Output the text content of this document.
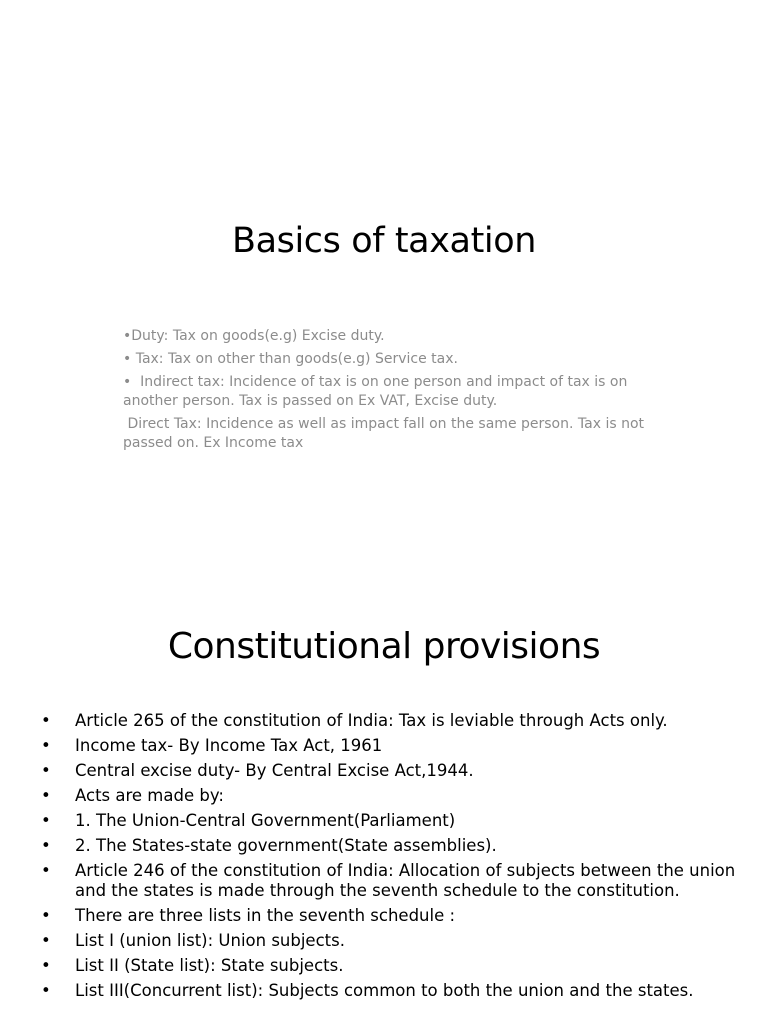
Basics of taxation

•Duty: Tax on goods(e.g) Excise duty.

• Tax: Tax on other than goods(e.g) Service tax.

•  Indirect tax: Incidence of tax is on one person and impact of tax is on another person. Tax is passed on Ex VAT, Excise duty.

Direct Tax: Incidence as well as impact fall on the same person. Tax is not passed on. Ex Income tax

Constitutional provisions
• Article 265 of the constitution of India: Tax is leviable through Acts only.
• Income tax- By Income Tax Act, 1961
• Central excise duty- By Central Excise Act,1944.
• Acts are made by:
• 1. The Union-Central Government(Parliament)
• 2. The States-state government(State assemblies).
• Article 246 of the constitution of India: Allocation of subjects between the union and the states is made through the seventh schedule to the constitution.
• There are three lists in the seventh schedule :
• List I (union list): Union subjects.
• List II (State list): State subjects.
• List III(Concurrent list): Subjects common to both the union and the states.
